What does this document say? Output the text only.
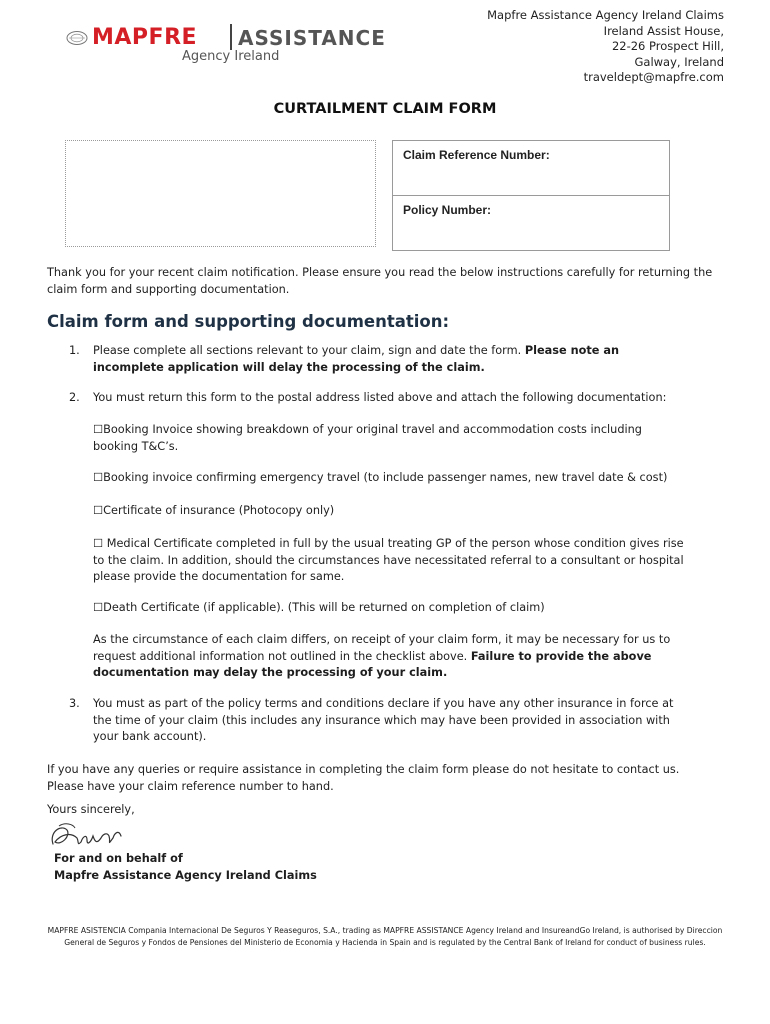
MAPFRE ASSISTANCE
Agency Ireland
Mapfre Assistance Agency Ireland Claims
Ireland Assist House,
22-26 Prospect Hill,
Galway, Ireland
traveldept@mapfre.com
CURTAILMENT CLAIM FORM
Claim Reference Number:
Policy Number:
Thank you for your recent claim notification. Please ensure you read the below instructions carefully for returning the claim form and supporting documentation.
Claim form and supporting documentation:
1. Please complete all sections relevant to your claim, sign and date the form. Please note an incomplete application will delay the processing of the claim.
2. You must return this form to the postal address listed above and attach the following documentation:
☐Booking Invoice showing breakdown of your original travel and accommodation costs including booking T&C’s.
☐Booking invoice confirming emergency travel (to include passenger names, new travel date & cost)
☐Certificate of insurance (Photocopy only)
☐ Medical Certificate completed in full by the usual treating GP of the person whose condition gives rise to the claim. In addition, should the circumstances have necessitated referral to a consultant or hospital please provide the documentation for same.
☐Death Certificate (if applicable). (This will be returned on completion of claim)
As the circumstance of each claim differs, on receipt of your claim form, it may be necessary for us to request additional information not outlined in the checklist above. Failure to provide the above documentation may delay the processing of your claim.
3. You must as part of the policy terms and conditions declare if you have any other insurance in force at the time of your claim (this includes any insurance which may have been provided in association with your bank account).
If you have any queries or require assistance in completing the claim form please do not hesitate to contact us. Please have your claim reference number to hand.
Yours sincerely,
For and on behalf of
Mapfre Assistance Agency Ireland Claims
MAPFRE ASISTENCIA Compania Internacional De Seguros Y Reaseguros, S.A., trading as MAPFRE ASSISTANCE Agency Ireland and InsureandGo Ireland, is authorised by Direccion General de Seguros y Fondos de Pensiones del Ministerio de Economia y Hacienda in Spain and is regulated by the Central Bank of Ireland for conduct of business rules.
